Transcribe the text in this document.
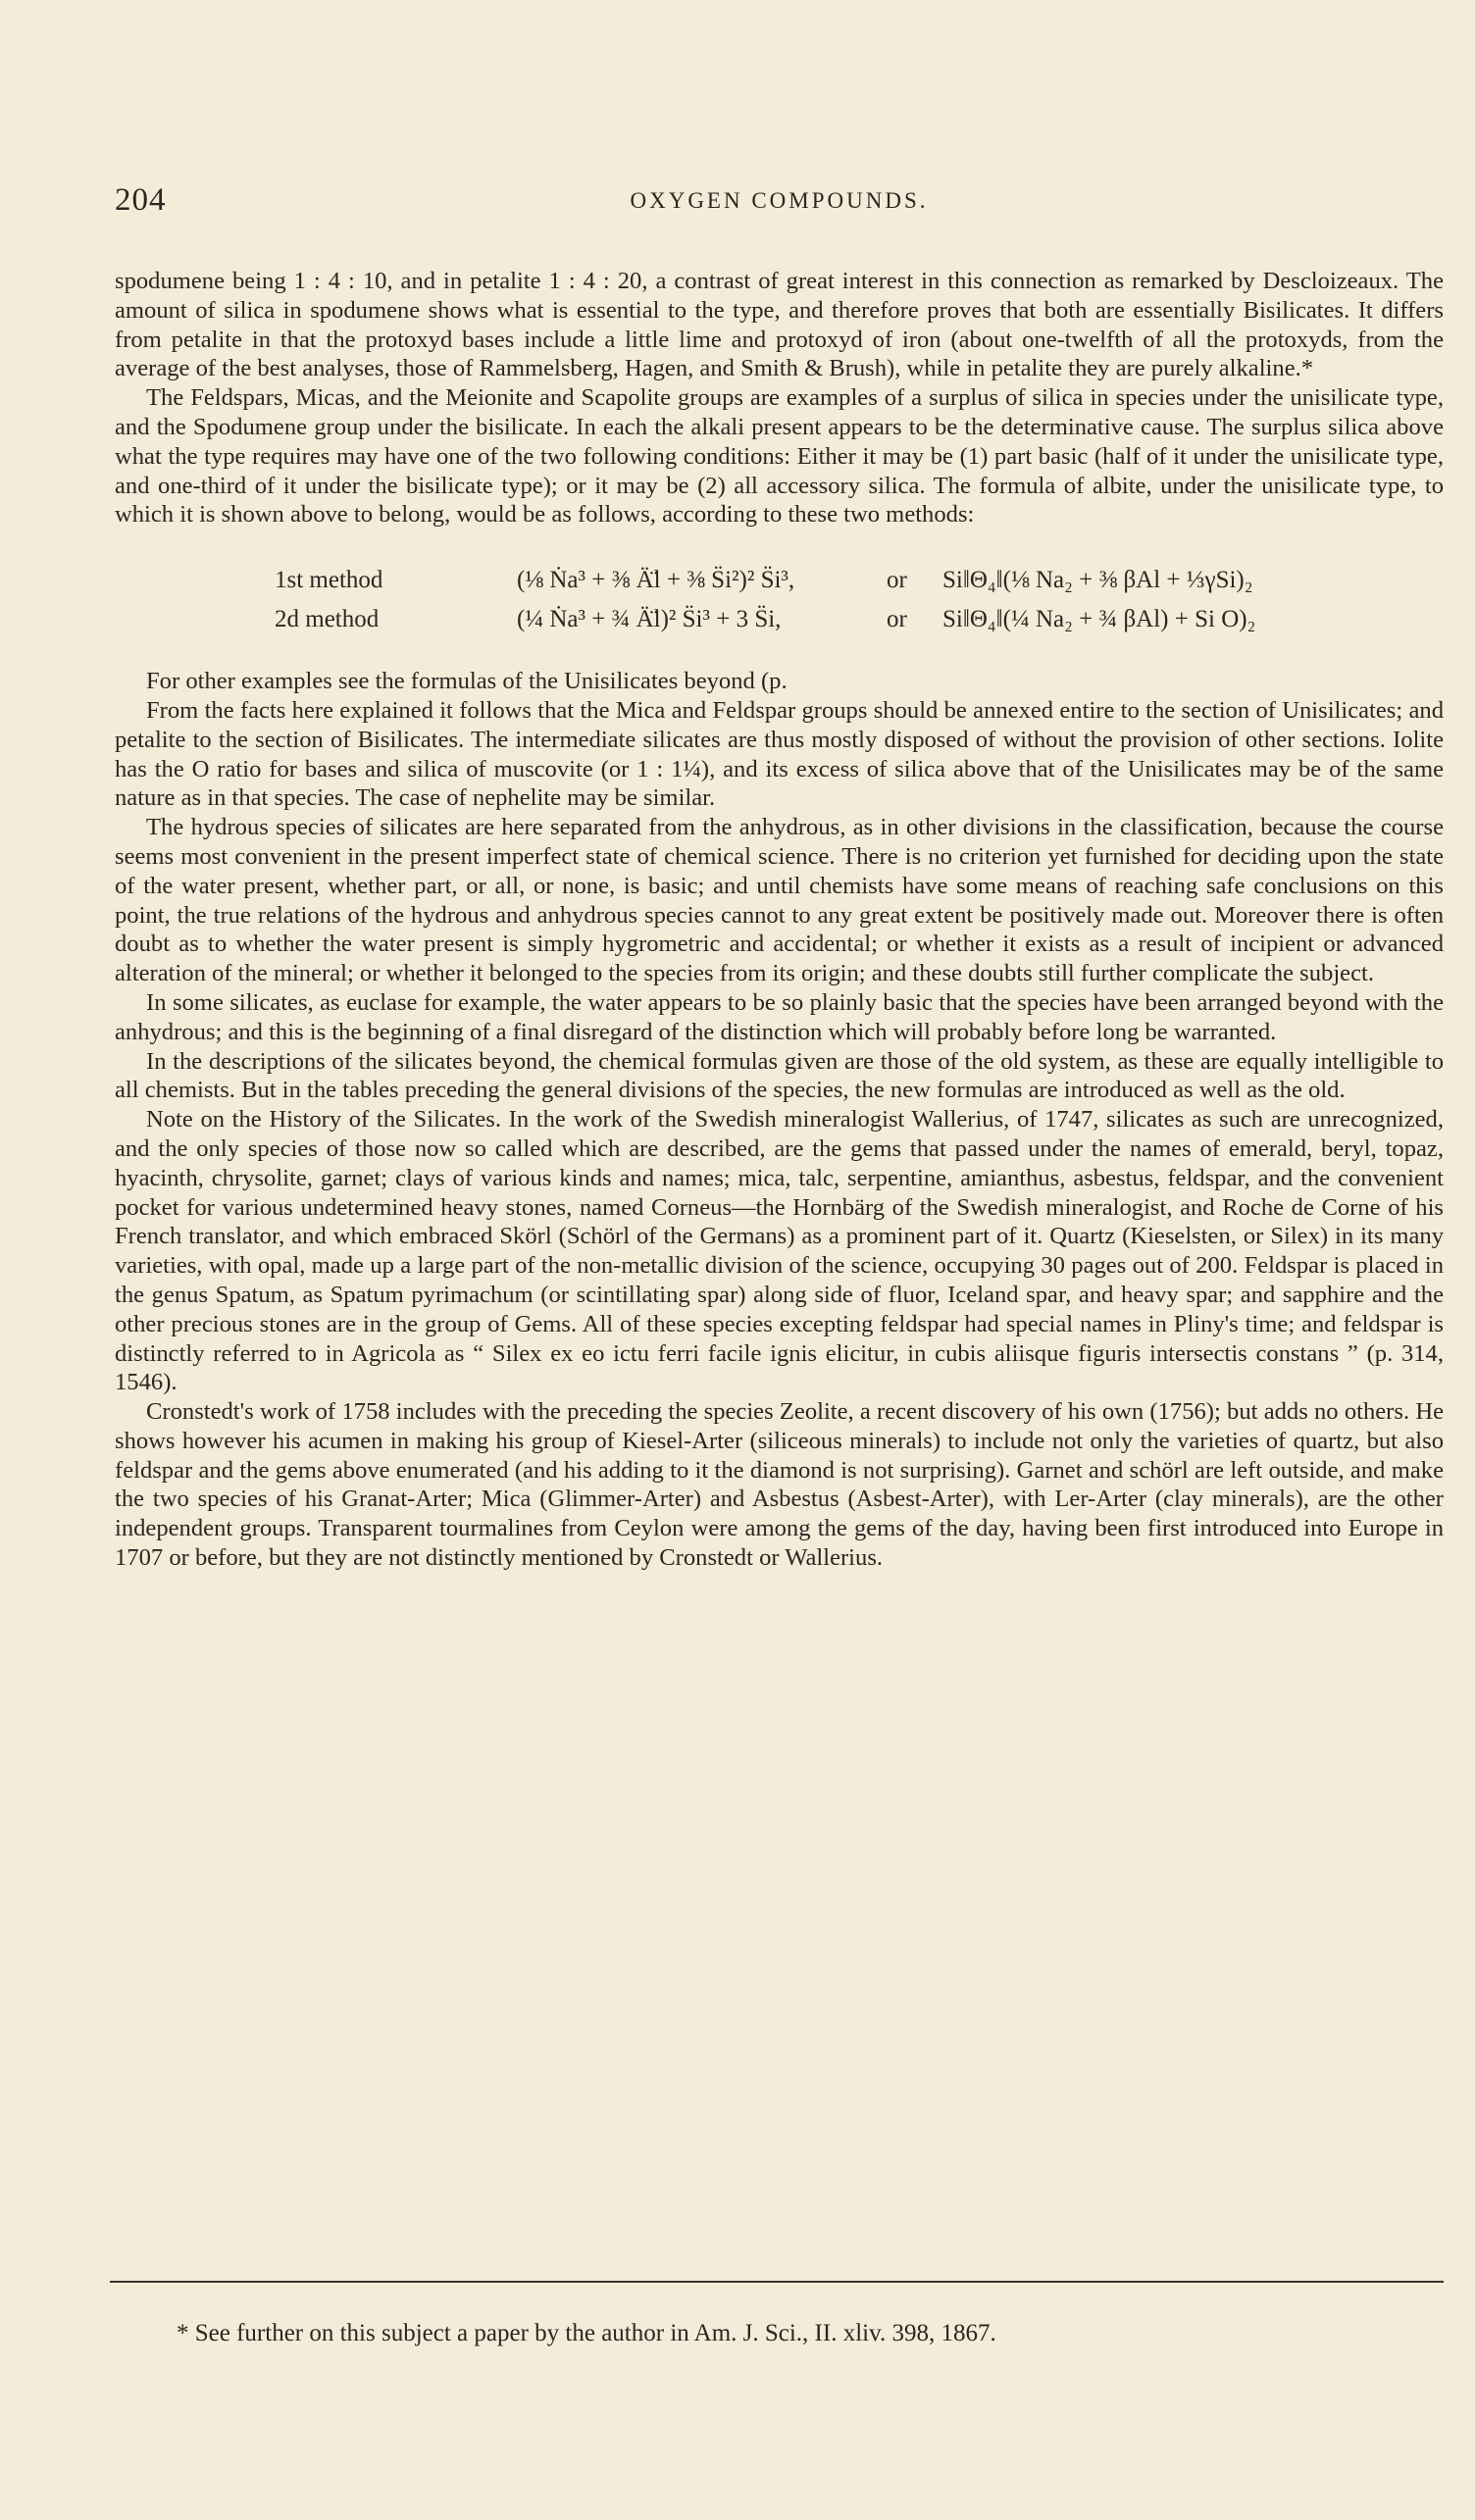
204	OXYGEN COMPOUNDS.

spodumene being 1 : 4 : 10, and in petalite 1 : 4 : 20, a contrast of great interest in this connection as remarked by Descloizeaux. The amount of silica in spodumene shows what is essential to the type, and therefore proves that both are essentially Bisilicates. It differs from petalite in that the protoxyd bases include a little lime and protoxyd of iron (about one-twelfth of all the protoxyds, from the average of the best analyses, those of Rammelsberg, Hagen, and Smith & Brush), while in petalite they are purely alkaline.*

The Feldspars, Micas, and the Meionite and Scapolite groups are examples of a surplus of silica in species under the unisilicate type, and the Spodumene group under the bisilicate. In each the alkali present appears to be the determinative cause. The surplus silica above what the type requires may have one of the two following conditions: Either it may be (1) part basic (half of it under the unisilicate type, and one-third of it under the bisilicate type); or it may be (2) all accessory silica. The formula of albite, under the unisilicate type, to which it is shown above to belong, would be as follows, according to these two methods:

1st method	(⅛ Ṅa³ + ⅜ Ä̈l + ⅜ S̈i²)² S̈i³,	or	Si‖Θ₄‖(⅛ Na₂ + ⅜ βAl + ⅓γSi)₂
2d method	(¼ Ṅa³ + ¾ Ä̈l)² S̈i³ + 3 S̈i,	or	Si‖Θ₄‖(¼ Na₂ + ¾ βAl) + Si O)₂

For other examples see the formulas of the Unisilicates beyond (p.

From the facts here explained it follows that the Mica and Feldspar groups should be annexed entire to the section of Unisilicates; and petalite to the section of Bisilicates. The intermediate silicates are thus mostly disposed of without the provision of other sections. Iolite has the O ratio for bases and silica of muscovite (or 1 : 1¼), and its excess of silica above that of the Unisilicates may be of the same nature as in that species. The case of nephelite may be similar.

The hydrous species of silicates are here separated from the anhydrous, as in other divisions in the classification, because the course seems most convenient in the present imperfect state of chemical science. There is no criterion yet furnished for deciding upon the state of the water present, whether part, or all, or none, is basic; and until chemists have some means of reaching safe conclusions on this point, the true relations of the hydrous and anhydrous species cannot to any great extent be positively made out. Moreover there is often doubt as to whether the water present is simply hygrometric and accidental; or whether it exists as a result of incipient or advanced alteration of the mineral; or whether it belonged to the species from its origin; and these doubts still further complicate the subject.

In some silicates, as euclase for example, the water appears to be so plainly basic that the species have been arranged beyond with the anhydrous; and this is the beginning of a final disregard of the distinction which will probably before long be warranted.

In the descriptions of the silicates beyond, the chemical formulas given are those of the old system, as these are equally intelligible to all chemists. But in the tables preceding the general divisions of the species, the new formulas are introduced as well as the old.

Note on the History of the Silicates. In the work of the Swedish mineralogist Wallerius, of 1747, silicates as such are unrecognized, and the only species of those now so called which are described, are the gems that passed under the names of emerald, beryl, topaz, hyacinth, chrysolite, garnet; clays of various kinds and names; mica, talc, serpentine, amianthus, asbestus, feldspar, and the convenient pocket for various undetermined heavy stones, named Corneus—the Hornbärg of the Swedish mineralogist, and Roche de Corne of his French translator, and which embraced Skörl (Schörl of the Germans) as a prominent part of it. Quartz (Kieselsten, or Silex) in its many varieties, with opal, made up a large part of the non-metallic division of the science, occupying 30 pages out of 200. Feldspar is placed in the genus Spatum, as Spatum pyrimachum (or scintillating spar) along side of fluor, Iceland spar, and heavy spar; and sapphire and the other precious stones are in the group of Gems. All of these species excepting feldspar had special names in Pliny's time; and feldspar is distinctly referred to in Agricola as “ Silex ex eo ictu ferri facile ignis elicitur, in cubis aliisque figuris intersectis constans ” (p. 314, 1546).

Cronstedt's work of 1758 includes with the preceding the species Zeolite, a recent discovery of his own (1756); but adds no others. He shows however his acumen in making his group of Kiesel-Arter (siliceous minerals) to include not only the varieties of quartz, but also feldspar and the gems above enumerated (and his adding to it the diamond is not surprising). Garnet and schörl are left outside, and make the two species of his Granat-Arter; Mica (Glimmer-Arter) and Asbestus (Asbest-Arter), with Ler-Arter (clay minerals), are the other independent groups. Transparent tourmalines from Ceylon were among the gems of the day, having been first introduced into Europe in 1707 or before, but they are not distinctly mentioned by Cronstedt or Wallerius.

* See further on this subject a paper by the author in Am. J. Sci., II. xliv. 398, 1867.
